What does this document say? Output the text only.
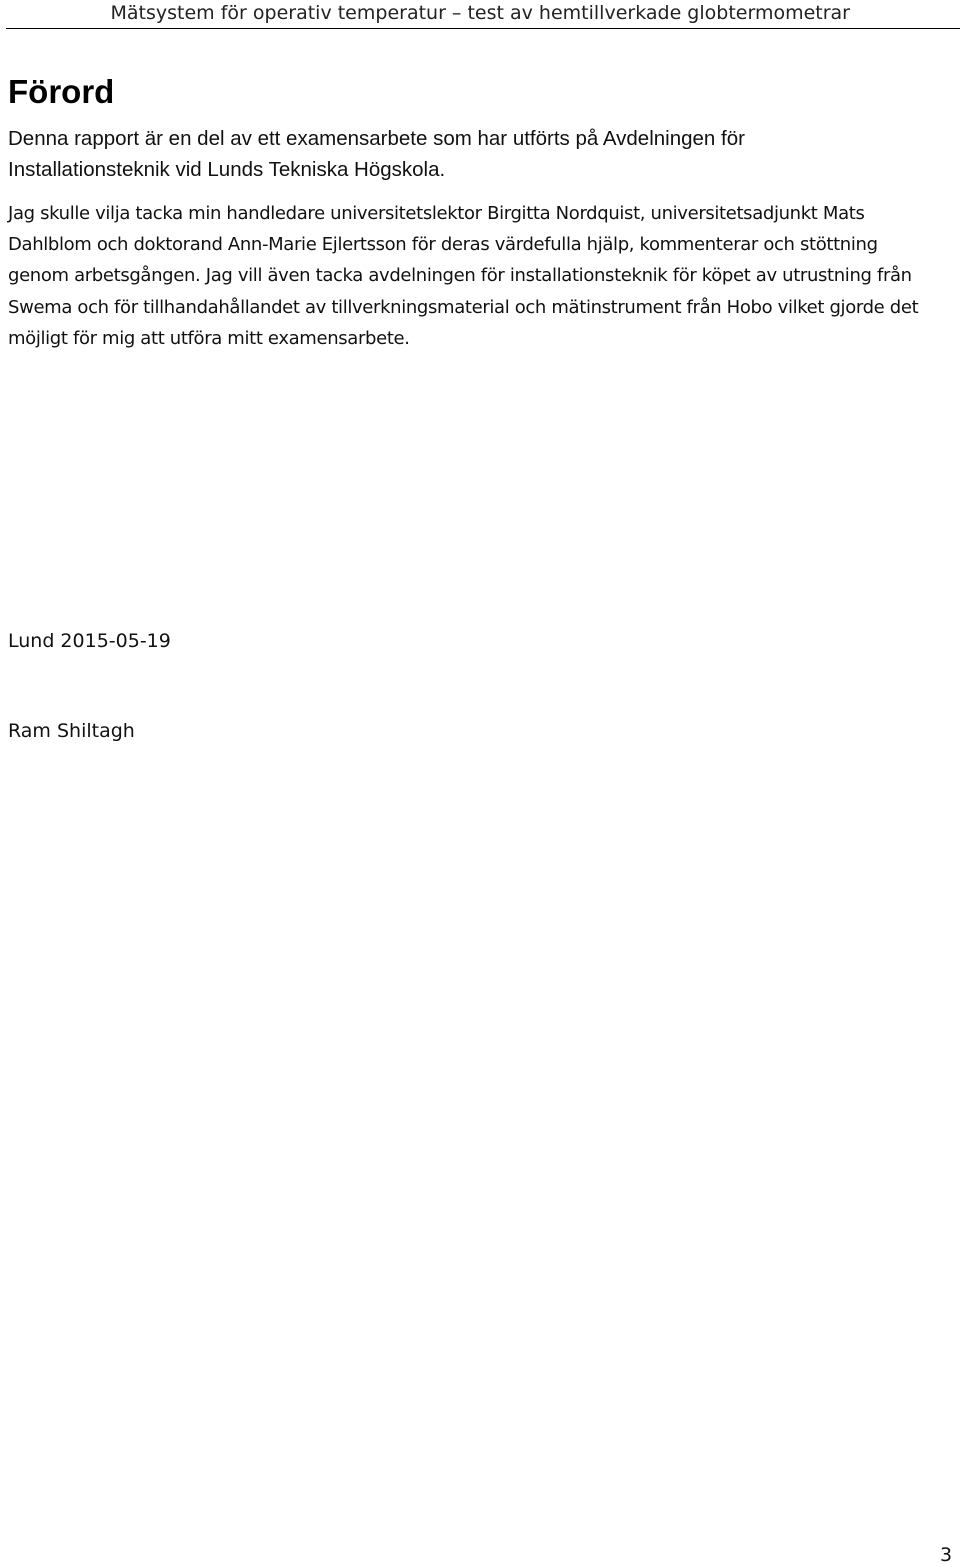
Mätsystem för operativ temperatur – test av hemtillverkade globtermometrar
Förord

Denna rapport är en del av ett examensarbete som har utförts på Avdelningen för Installationsteknik vid Lunds Tekniska Högskola.

Jag skulle vilja tacka min handledare universitetslektor Birgitta Nordquist, universitetsadjunkt Mats Dahlblom och doktorand Ann-Marie Ejlertsson för deras värdefulla hjälp, kommenterar och stöttning genom arbetsgången. Jag vill även tacka avdelningen för installationsteknik för köpet av utrustning från Swema och för tillhandahållandet av tillverkningsmaterial och mätinstrument från Hobo vilket gjorde det möjligt för mig att utföra mitt examensarbete.

Lund 2015-05-19

Ram Shiltagh

3
